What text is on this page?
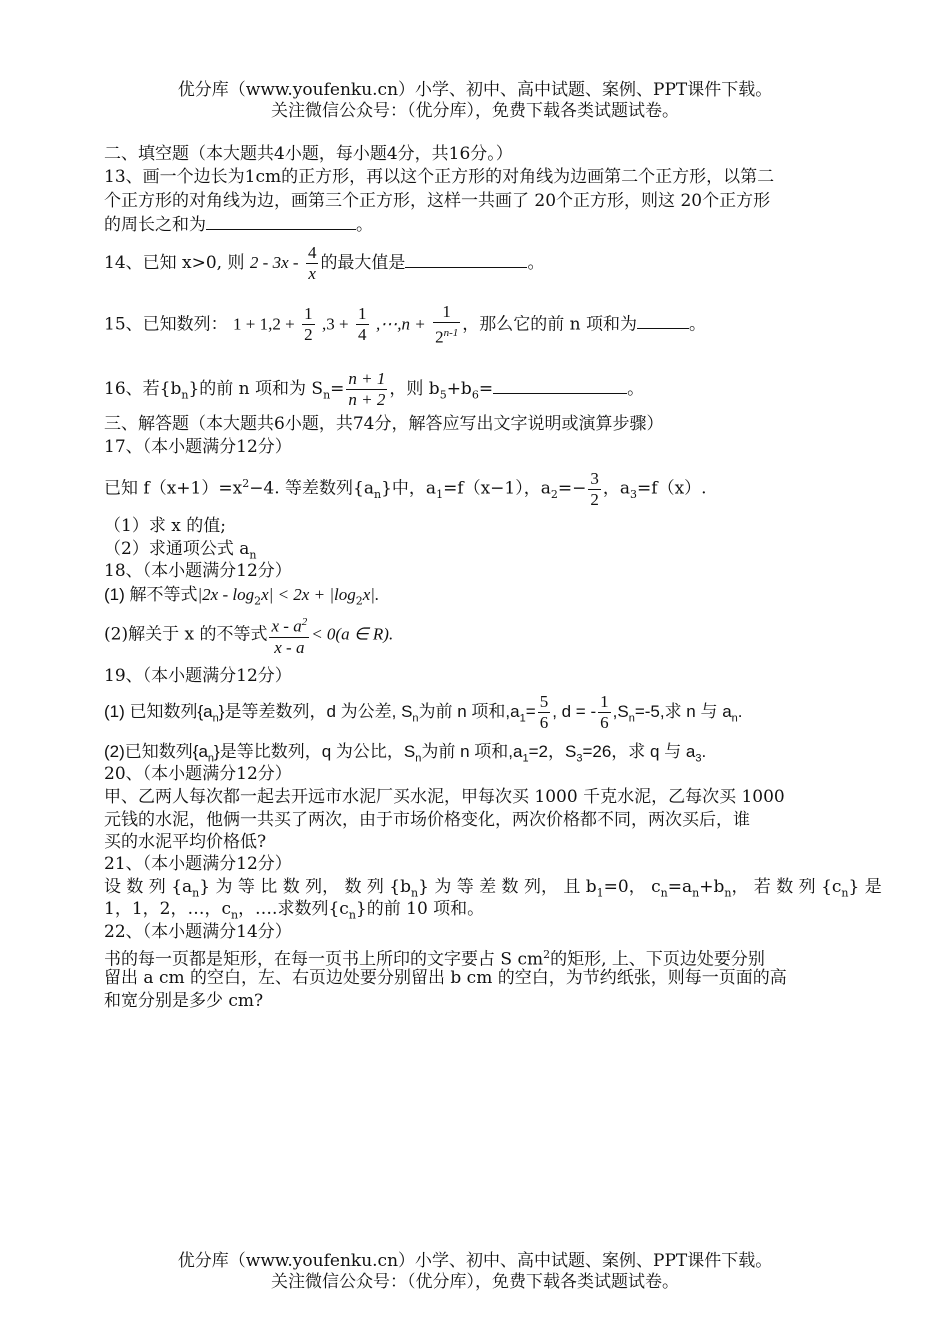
优分库（www.youfenku.cn）小学、初中、高中试题、案例、PPT课件下载。
关注微信公众号：（优分库），免费下载各类试题试卷。
二、填空题（本大题共4小题，每小题4分，共16分。）
13、画一个边长为1cm的正方形，再以这个正方形的对角线为边画第二个正方形，以第二
个正方形的对角线为边，画第三个正方形，这样一共画了 20个正方形，则这 20个正方形
的周长之和为	。
14、已知 x>0, 则 $2 - 3x - \frac{4}{x}$ 的最大值是	。
15、已知数列： $1 + 1,2 + \frac{1}{2} ,3 + \frac{1}{4}$ ,⋯,n + $\frac{1}{2^{n-1}}$ ，那么它的前 n 项和为	。
16、若$\{b_n\}$的前 n 项和为 $S_n= \frac{n + 1}{n + 2}$ ，则 $b_5+b_6=$	。
三、解答题（本大题共6小题，共74分，解答应写出文字说明或演算步骤）
17、（本小题满分12分）
已知 $f(x+1)=x^2-4$. 等差数列$\{a_n\}$中，$a_1=f(x-1)$，$a_2=- \frac{3}{2}$ ，$a_3=f(x)$.
（1）求 x 的值;
（2）求通项公式 $a_n$
18、（本小题满分12分）
(1) 解不等式$|2x - \log_2x| < 2x + |\log_2x|$.
(2)解关于 x 的不等式 $\frac{x - a^2}{x - a} < 0(a$ ∈ R).
19、（本小题满分12分）
(1) 已知数列$\{a_n\}$是等差数列，d 为公差, $S_n$为前 n 项和$,a_1= \frac{5}{6}$ , d = - $\frac{1}{6} ,S_n=-5$,求 n 与 $a_n$.
(2)已知数列$\{a_n\}$是等比数列，q 为公比，$S_n$为前 n 项和$,a_1=2$，$S_3=26$，求 q 与 $a_3$.
20、（本小题满分12分）
甲、乙两人每次都一起去开远市水泥厂买水泥，甲每次买 1000 千克水泥，乙每次买 1000
元钱的水泥，他俩一共买了两次，由于市场价格变化，两次价格都不同，两次买后，谁
买的水泥平均价格低?
21、（本小题满分12分）
设 数 列 $\{a_n\}$ 为 等 比 数 列， 数 列 $\{b_n\}$ 为 等 差 数 列， 且 $b_1=0$， $c_n=a_n+b_n$， 若 数 列 $\{c_n\}$ 是
1，1，2，…，$c_n$，….求数列$\{c_n\}$的前 10 项和。
22、（本小题满分14分）
书的每一页都是矩形，在每一页书上所印的文字要占 S $cm^2$的矩形, 上、下页边处要分别
留出 a cm 的空白，左、右页边处要分别留出 b cm 的空白，为节约纸张，则每一页面的高
和宽分别是多少 cm?
优分库（www.youfenku.cn）小学、初中、高中试题、案例、PPT课件下载。
关注微信公众号：（优分库），免费下载各类试题试卷。
